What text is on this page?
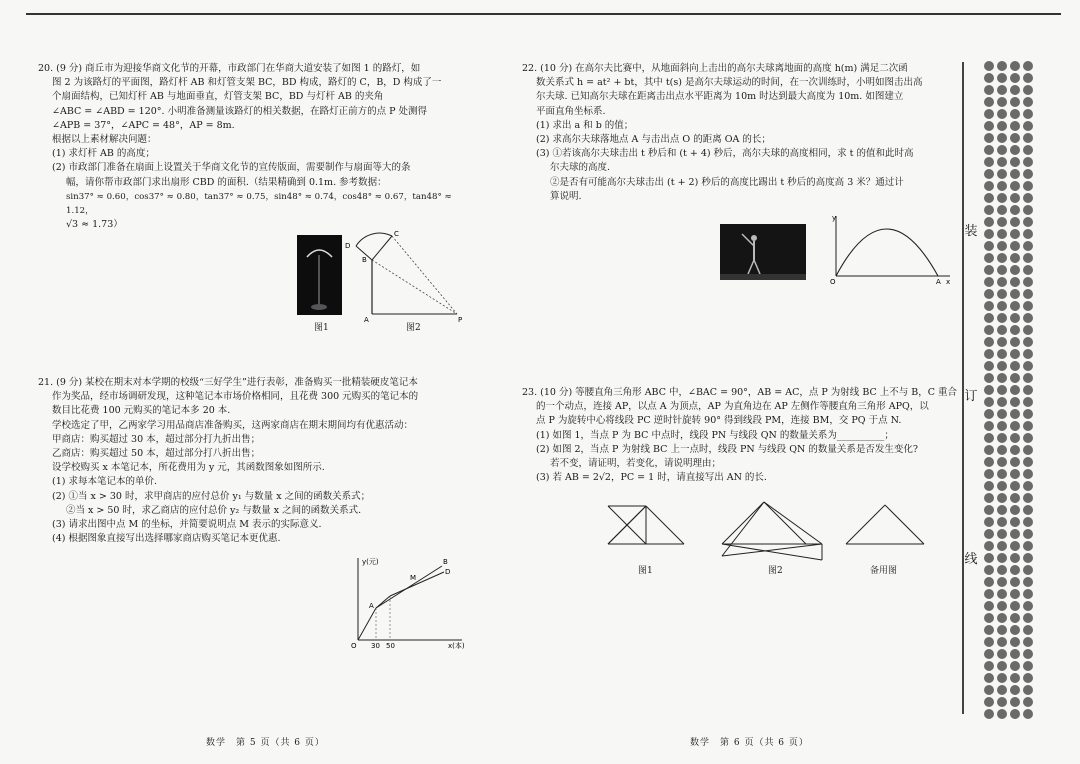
20. (9 分) 商丘市为迎接华商文化节的开幕，市政部门在华商大道安装了如图 1 的路灯，如

图 2 为该路灯的平面图，路灯杆 AB 和灯管支架 BC，BD 构成，路灯的 C，B，D 构成了一

个扇面结构，已知灯杆 AB 与地面垂直，灯管支架 BC，BD 与灯杆 AB 的夹角

∠ABC = ∠ABD = 120°. 小明准备测量该路灯的相关数据，在路灯正前方的点 P 处测得

∠APB = 37°，∠APC = 48°，AP = 8m.

根据以上素材解决问题：

(1) 求灯杆 AB 的高度；

(2) 市政部门准备在扇面上设置关于华商文化节的宣传版面，需要制作与扇面等大的条

幅，请你帮市政部门求出扇形 CBD 的面积.（结果精确到 0.1m. 参考数据：

sin37° ≈ 0.60，cos37° ≈ 0.80，tan37° ≈ 0.75，sin48° ≈ 0.74，cos48° ≈ 0.67，tan48° ≈ 1.12，

√3 ≈ 1.73）

图1
D
C
B
A	P
图2

21. (9 分) 某校在期末对本学期的校级“三好学生”进行表彰，准备购买一批精装硬皮笔记本

作为奖品，经市场调研发现，这种笔记本市场价格相同，且花费 300 元购买的笔记本的

数目比花费 100 元购买的笔记本多 20 本.

学校选定了甲，乙两家学习用品商店准备购买，这两家商店在期末期间均有优惠活动：

甲商店：购买超过 30 本，超过部分打九折出售；

乙商店：购买超过 50 本，超过部分打八折出售；

设学校购买 x 本笔记本，所花费用为 y 元，其函数图象如图所示.

(1) 求每本笔记本的单价.

(2) ①当 x > 30 时，求甲商店的应付总价 y₁ 与数量 x 之间的函数关系式；

②当 x > 50 时，求乙商店的应付总价 y₂ 与数量 x 之间的函数关系式.

(3) 请求出图中点 M 的坐标，并简要说明点 M 表示的实际意义.

(4) 根据图象直接写出选择哪家商店购买笔记本更优惠.

y(元)
x(本)
O 30 50
A
M
B
D

22. (10 分) 在高尔夫比赛中，从地面斜向上击出的高尔夫球离地面的高度 h(m) 满足二次函

数关系式 h = at² + bt，其中 t(s) 是高尔夫球运动的时间，在一次训练时，小明如图击出高

尔夫球. 已知高尔夫球在距离击出点水平距离为 10m 时达到最大高度为 10m. 如图建立

平面直角坐标系.

(1) 求出 a 和 b 的值；

(2) 求高尔夫球落地点 A 与击出点 O 的距离 OA 的长；

(3) ①若该高尔夫球击出 t 秒后和 (t + 4) 秒后，高尔夫球的高度相同，求 t 的值和此时高

尔夫球的高度.

②是否有可能高尔夫球击出 (t + 2) 秒后的高度比踢出 t 秒后的高度高 3 米？通过计

算说明.

y
O	A x

23. (10 分) 等腰直角三角形 ABC 中，∠BAC = 90°，AB = AC，点 P 为射线 BC 上不与 B，C 重合

的一个动点，连接 AP，以点 A 为顶点，AP 为直角边在 AP 左侧作等腰直角三角形 APQ，以

点 P 为旋转中心将线段 PC 逆时针旋转 90° 得到线段 PM，连接 BM，交 PQ 于点 N.

(1) 如图 1，当点 P 为 BC 中点时，线段 PN 与线段 QN 的数量关系为__________；

(2) 如图 2，当点 P 为射线 BC 上一点时，线段 PN 与线段 QN 的数量关系是否发生变化?

若不变，请证明，若变化，请说明理由；

(3) 若 AB = 2√2，PC = 1 时，请直接写出 AN 的长.

图1	图2	备用图
装
订
线
数学　第 5 页（共 6 页）	数学　第 6 页（共 6 页）
